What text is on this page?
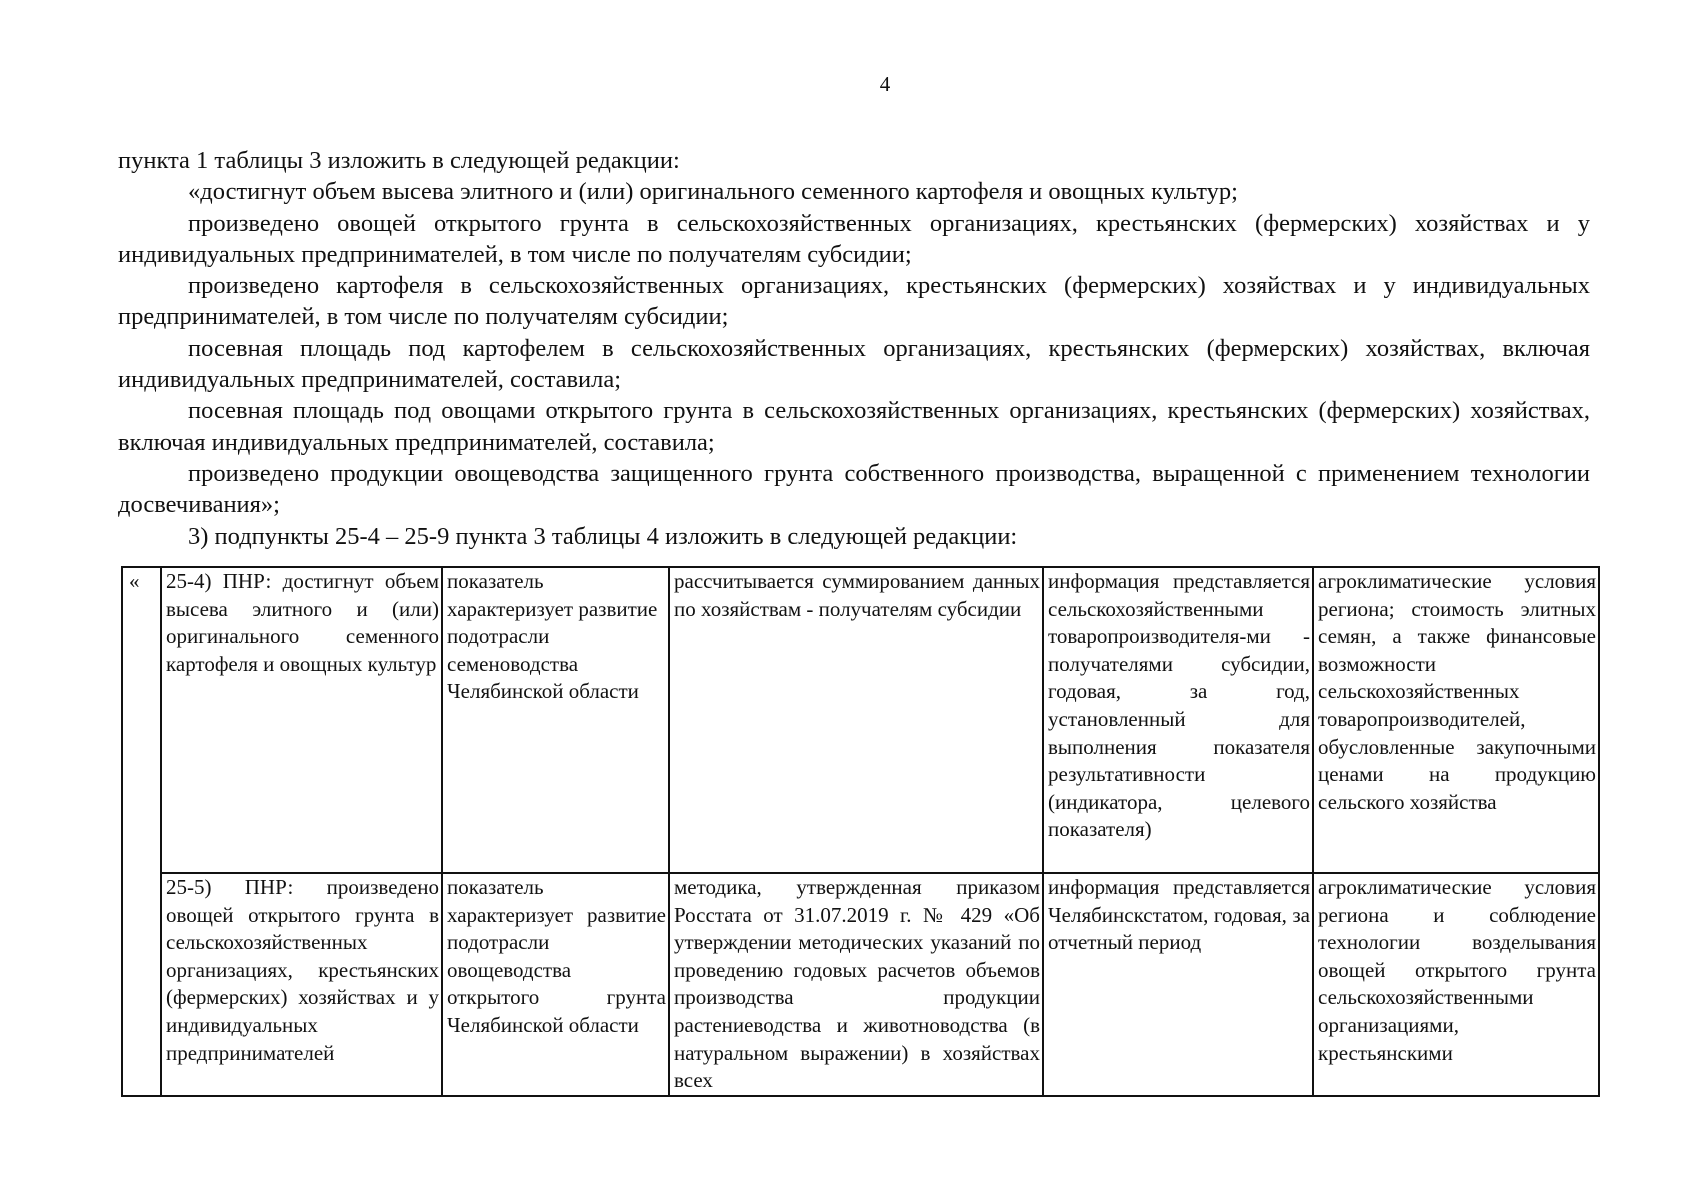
4

пункта 1 таблицы 3 изложить в следующей редакции:

«достигнут объем высева элитного и (или) оригинального семенного картофеля и овощных культур;

произведено овощей открытого грунта в сельскохозяйственных организациях, крестьянских (фермерских) хозяйствах и у индивидуальных предпринимателей, в том числе по получателям субсидии;

произведено картофеля в сельскохозяйственных организациях, крестьянских (фермерских) хозяйствах и у индивидуальных предпринимателей, в том числе по получателям субсидии;

посевная площадь под картофелем в сельскохозяйственных организациях, крестьянских (фермерских) хозяйствах, включая индивидуальных предпринимателей, составила;

посевная площадь под овощами открытого грунта в сельскохозяйственных организациях, крестьянских (фермерских) хозяйствах, включая индивидуальных предпринимателей, составила;

произведено продукции овощеводства защищенного грунта собственного производства, выращенной с применением технологии досвечивания»;

3) подпункты 25-4 – 25-9 пункта 3 таблицы 4 изложить в следующей редакции:

«	25-4) ПНР: достигнут объем высева элитного и (или) оригинального семенного картофеля и овощных культур	показатель характеризует развитие подотрасли семеноводства Челябинской области	рассчитывается суммированием данных по хозяйствам - получателям субсидии	информация представляется сельскохозяйственными товаропроизводителя-ми - получателями субсидии, годовая, за год, установленный для выполнения показателя результативности (индикатора, целевого показателя)	агроклиматические условия региона; стоимость элитных семян, а также финансовые возможности сельскохозяйственных товаропроизводителей, обусловленные закупочными ценами на продукцию сельского хозяйства
	25-5) ПНР: произведено овощей открытого грунта в сельскохозяйственных организациях, крестьянских (фермерских) хозяйствах и у индивидуальных предпринимателей	показатель характеризует развитие подотрасли овощеводства открытого грунта Челябинской области	методика, утвержденная приказом Росстата от 31.07.2019 г. № 429 «Об утверждении методических указаний по проведению годовых расчетов объемов производства продукции растениеводства и животноводства (в натуральном выражении) в хозяйствах всех	информация представляется Челябинскстатом, годовая, за отчетный период	агроклиматические условия региона и соблюдение технологии возделывания овощей открытого грунта сельскохозяйственными организациями, крестьянскими
